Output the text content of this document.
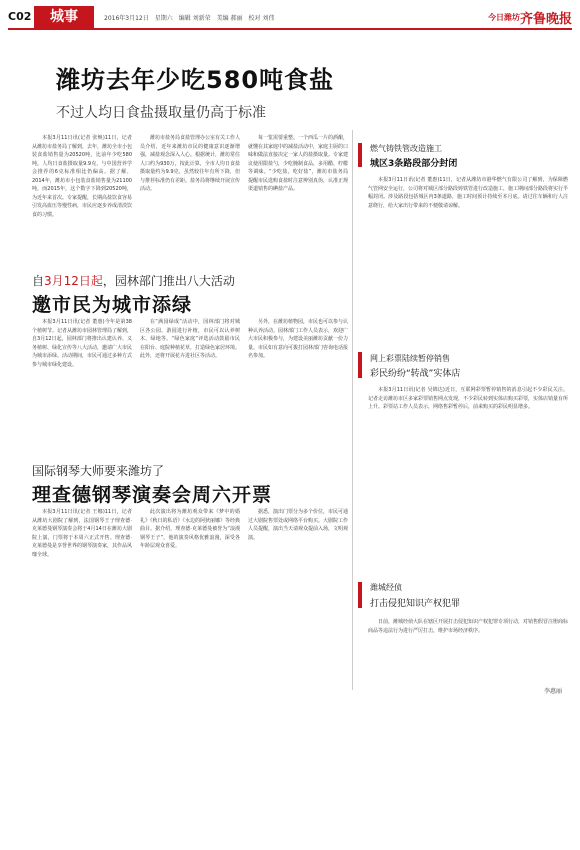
C02	城事	2016年3月12日　星期六　编辑 刘新荣　美编 郝丽　校对 刘伟	今日潍坊 齐鲁晚报
潍坊去年少吃580吨食盐
不过人均日食盐摄取量仍高于标准

本报3月11日讯(记者 张焕)11日，记者从潍坊市盐务局了解到，去年，潍坊全市小包装食盐销售量为20520吨，比前年少吃580吨。人均日食盐摄取量9.9克，与中国营养学会推荐的6克标准相比仍偏高。据了解，2014年，潍坊市小包装食盐销售量为21100吨，而2015年，这个数字下降到20520吨，为近年来首次。专家提醒，长期高盐饮食容易引发高血压等慢性病，市民应逐步养成清淡饮食的习惯。

潍坊市盐务局食盐管理办公室有关工作人员介绍，近年来潍坊市民的健康意识逐渐增强，减盐观念深入人心。根据统计，潍坊常住人口约为930万，按此计算，全市人均日食盐摄取量约为9.9克，虽然较往年有所下降，但与推荐标准仍有差距。盐务局将继续开展宣传活动。

每一览需要重整。一个西瓜一片的酒酿，就懂在其家庭中的减盐活动中，家庭主厨的口味和做法直接决定一家人的盐摄取量。专家建议使用限盐勺，少吃腌制食品，多用醋、柠檬等调味。“少吃盐，吃好盐”，潍坊市盐务局提醒市民选购食盐时注意辨别真伪，认准正规渠道销售的碘盐产品。

燃气铸铁管改造施工
城区3条路段部分封闭

本报3月11日讯(记者 董惠)11日，记者从潍坊市港华燃气有限公司了解到，为保障燃气管网安全运行，公司将对城区部分路段铸铁管进行改造施工，施工期间部分路段将实行半幅封闭。涉及路段包括城区内3条道路，施工时间预计持续至本月底。请过往车辆和行人注意绕行，给大家出行带来的不便敬请谅解。

网上彩票陆续暂停销售
彩民纷纷“转战”实体店

本报3月11日讯(记者 吴锦达)近日，互联网彩票暂停销售的消息引起不少彩民关注。记者走访潍坊市区多家彩票销售网点发现，不少彩民转到实体店购买彩票，实体店销量有所上升。彩票站工作人员表示，网络售彩暂停后，前来购买的彩民明显增多。

潍城经侦
打击侵犯知识产权犯罪

日前，潍城经侦大队在辖区开展打击侵犯知识产权犯罪专项行动，对销售假冒注册商标商品等违法行为进行严厉打击，维护市场经济秩序。

李惠丽
自3月12日起，园林部门推出八大活动
邀市民为城市添绿

本报3月11日讯(记者 董惠)今年是第38个植树节。记者从潍坊市园林管理局了解到，自3月12日起，园林部门将推出认建认养、义务植树、绿化宣传等八大活动，邀请广大市民为城市添绿。活动期间，市民可通过多种方式参与城市绿化建设。

在“满园绿成”活动中，园林部门将对城区各公园、游园进行补植，市民可以认养树木、绿地等。“绿色家庭”评选活动鼓励市民在阳台、庭院种植花草，打造绿色家居环境。此外，还将开展花卉进社区等活动。

另外，在潍坊植物园，市民也可以参与认种认养活动。园林部门工作人员表示，欢迎广大市民积极参与，为建设美丽潍坊贡献一份力量。市民如有意向可拨打园林部门咨询电话报名参加。

国际钢琴大师要来潍坊了
理查德钢琴演奏会周六开票

本报3月11日讯(记者 王娜)11日，记者从潍坊大剧院了解到，法国钢琴王子理查德·克莱德曼钢琴演奏会将于4月14日在潍坊大剧院上演，门票将于本周六正式开售。理查德·克莱德曼是享誉世界的钢琴演奏家，其作品风靡全球。

此次演出将为潍坊观众带来《梦中的婚礼》《秋日的私语》《水边的阿狄丽娜》等经典曲目。据介绍，理查德·克莱德曼被誉为“浪漫钢琴王子”，他的演奏风格优雅浪漫，深受各年龄层观众喜爱。

据悉，演出门票分为多个价位，市民可通过大剧院售票处或网络平台购买。大剧院工作人员提醒，演出当天请观众提前入场，文明观演。
